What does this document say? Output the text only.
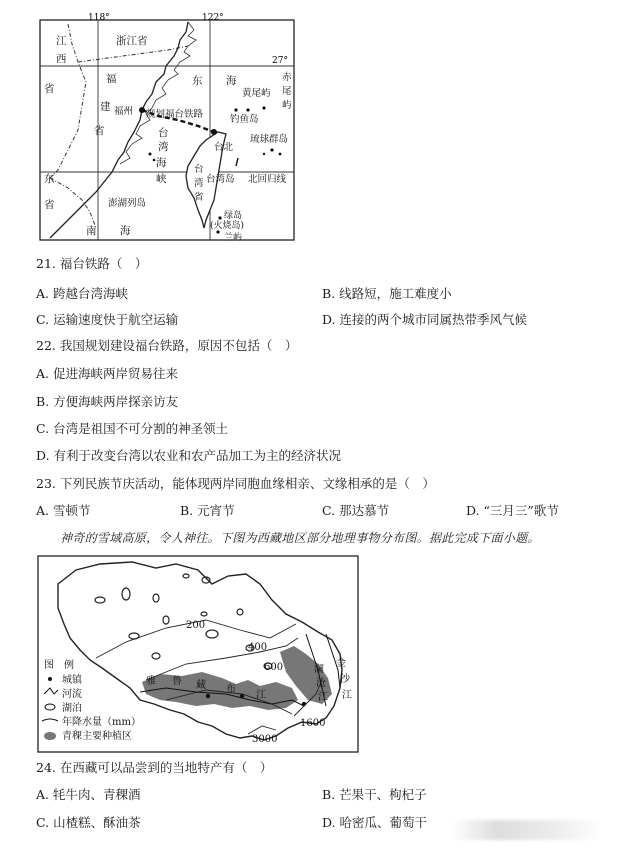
118°	122°
27°
江
西
省
浙江省
福
建
省
福州 规划福台铁路
东 海
黄尾屿
赤
尾
屿
钓鱼岛
琉球群岛
台北
台
湾
海
峡
台
湾
省
台湾岛 北回归线
东
省	澎湖列岛
南 海
绿岛
(火烧岛)
兰屿
21. 福台铁路（　）
A. 跨越台湾海峡	B. 线路短，施工难度小
C. 运输速度快于航空运输	D. 连接的两个城市同属热带季风气候
22. 我国规划建设福台铁路，原因不包括（　）
A. 促进海峡两岸贸易往来
B. 方便海峡两岸探亲访友
C. 台湾是祖国不可分割的神圣领土
D. 有利于改变台湾以农业和农产品加工为主的经济状况
23. 下列民族节庆活动，能体现两岸同胞血缘相亲、文缘相承的是（　）
A. 雪顿节	B. 元宵节	C. 那达慕节	D. “三月三”歌节
神奇的雪域高原，令人神往。下图为西藏地区部分地理事物分布图。据此完成下面小题。
200
400
600
1600
3000
金
沙
江
澜
沧
江
雅 鲁 藏 布
江
图　例
城镇
河流
湖泊
年降水量（mm）
青稞主要种植区
24. 在西藏可以品尝到的当地特产有（　）
A. 牦牛肉、青稞酒	B. 芒果干、枸杞子
C. 山楂糕、酥油茶	D. 哈密瓜、葡萄干
